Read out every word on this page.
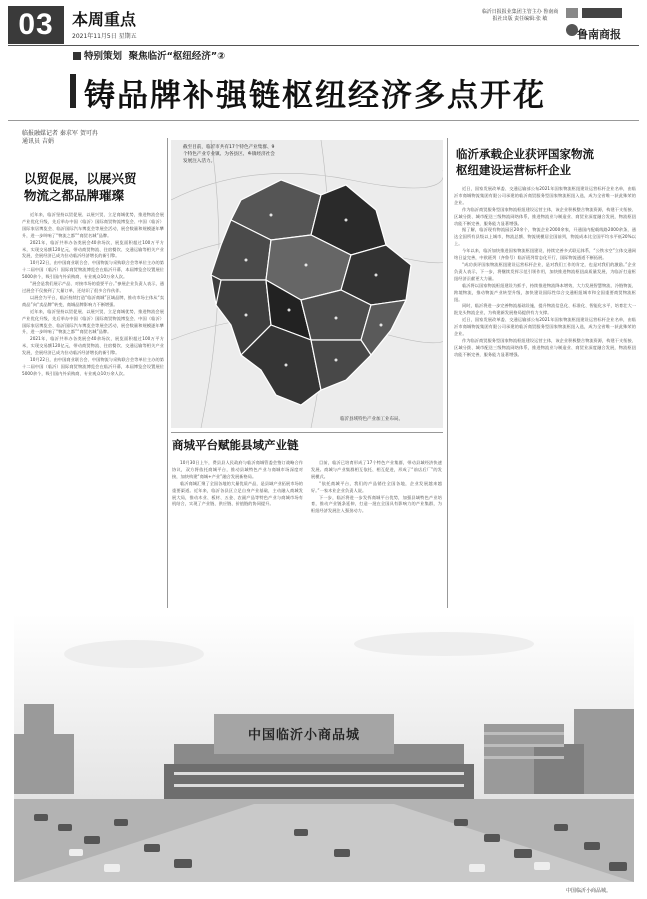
03	本周重点
2021年11月5日 星期五
临沂日报报业集团主管主办 鲁南商报社出版 责任编辑:张 敏
鲁南商报
特别策划 聚焦临沂“枢纽经济”②
铸品牌补强链枢纽经济多点开花
临报融媒记者 秦求军 贺可冉
通讯员 吉娟
以贸促展，以展兴贸
物流之都品牌璀璨

近年来，临沂坚持以贸促展、以展兴贸，立足商城优势，推进物流会展产业优化升级，先后举办中国（临沂）国际商贸物流博览会、中国（临沂）国际家居博览会、临沂国际汽车博览会等展会活动，展会数量和规模逐年攀升，进一步叫响了“物流之都”“商贸名城”品牌。

2021年，临沂共举办各类展会40余场次，展览面积超过100万平方米，实现交易额120亿元，带动商贸物流、住宿餐饮、交通运输等相关产业发展，会展经济已成为拉动临沂经济增长的新引擎。

10月22日，由中国商业联合会、中国物流与采购联合会等单位主办的第十二届中国（临沂）国际商贸物流博览会在临沂开幕，本届博览会设置展位5000余个，吸引国内外采购商、专业观众10万余人次。

“展会是我们展示产品、对接市场的重要平台。”参展企业负责人表示，通过展会不仅接到了大量订单，还结识了很多合作伙伴。

以展会为平台，临沂持续打造“临沂商城”区域品牌，推动市场主体从“卖商品”向“卖品牌”转变，商城品牌影响力不断增强。

近年来，临沂坚持以贸促展、以展兴贸，立足商城优势，推进物流会展产业优化升级，先后举办中国（临沂）国际商贸物流博览会、中国（临沂）国际家居博览会、临沂国际汽车博览会等展会活动，展会数量和规模逐年攀升，进一步叫响了“物流之都”“商贸名城”品牌。

2021年，临沂共举办各类展会40余场次，展览面积超过100万平方米，实现交易额120亿元，带动商贸物流、住宿餐饮、交通运输等相关产业发展，会展经济已成为拉动临沂经济增长的新引擎。

10月22日，由中国商业联合会、中国物流与采购联合会等单位主办的第十二届中国（临沂）国际商贸物流博览会在临沂开幕，本届博览会设置展位5000余个，吸引国内外采购商、专业观众10万余人次。

截至目前，临沂市共有17个特色产业集群、9个特色产业专业镇、为各县区、乡镇经济社会发展注入活力。
临沂县域特色产业加工业布局。
商城平台赋能县域产业链

10月30日上午，费县县人民政府与临沂商城管委会签订战略合作协议，双方将依托商城平台，推动县域特色产业与商城市场深度对接，加快构建“商城+产业”融合发展新格局。

临沂商城汇聚了全国各地的大量优质产品，是县域产业拓展市场的重要渠道。近年来，临沂各县区立足自身产业基础，主动融入商城发展大局，推动木业、板材、五金、农副产品等特色产业与商城市场有机结合，实现了产业链、供应链、价值链的协同提升。

目前，临沂已培育形成了17个特色产业集群，带动县域经济快速发展。商城与产业集群相互依托、相互促进，形成了“前店后厂”的发展模式。

“依托商城平台，我们的产品销往全国各地，企业发展越来越好。”一家木业企业负责人说。

下一步，临沂将进一步发挥商城平台优势，加强县域特色产业培育，推动产业链条延伸，打造一批在全国具有影响力的产业集群，为枢纽经济发展注入强劲动力。

临沂承载企业获评国家物流
枢纽建设运营标杆企业

近日，国家发展改革委、交通运输部公布2021年国家物流枢纽建设运营标杆企业名单，由临沂市商城物流集团有限公司承建的临沂商贸服务型国家物流枢纽入选，成为全省唯一获此殊荣的企业。

作为临沂商贸服务型国家物流枢纽建设运营主体，该企业积极整合物流资源，构建干支衔接、区域分拨、城市配送三级物流网络体系，推进物流业与制造业、商贸业深度融合发展，物流枢纽功能不断完善，服务能力显著增强。

据了解，临沂现有物流园区20余个，物流企业2000余家，开通国内配载线路2000余条，通达全国所有县级以上城市，物流总额、物流规模居全国前列，物流成本比全国平均水平低20%以上。

今年以来，临沂加快推进国家物流枢纽建设，持续完善多式联运体系，“公铁水空”立体交通网络日益完善，中欧班列（齐鲁号）临沂班列常态化开行，国际物流通道不断拓展。

“成功获评国家物流枢纽建设运营标杆企业，是对我们工作的肯定，也是对我们的激励。”企业负责人表示，下一步，将继续发挥示范引领作用，加快推进物流枢纽高质量发展，为临沂打造枢纽经济贡献更大力量。

临沂将以国家物流枢纽建设为抓手，持续推进物流降本增效，大力发展智慧物流、冷链物流、跨境物流，推动物流产业转型升级，加快建设国际性综合交通枢纽城市和全国重要商贸物流枢纽。

同时，临沂将进一步完善物流基础设施，提升物流信息化、标准化、智能化水平，培育壮大一批龙头物流企业，为构建新发展格局提供有力支撑。

近日，国家发展改革委、交通运输部公布2021年国家物流枢纽建设运营标杆企业名单，由临沂市商城物流集团有限公司承建的临沂商贸服务型国家物流枢纽入选，成为全省唯一获此殊荣的企业。

作为临沂商贸服务型国家物流枢纽建设运营主体，该企业积极整合物流资源，构建干支衔接、区域分拨、城市配送三级物流网络体系，推进物流业与制造业、商贸业深度融合发展，物流枢纽功能不断完善，服务能力显著增强。

中国临沂小商品城
中国临沂小商品城。
